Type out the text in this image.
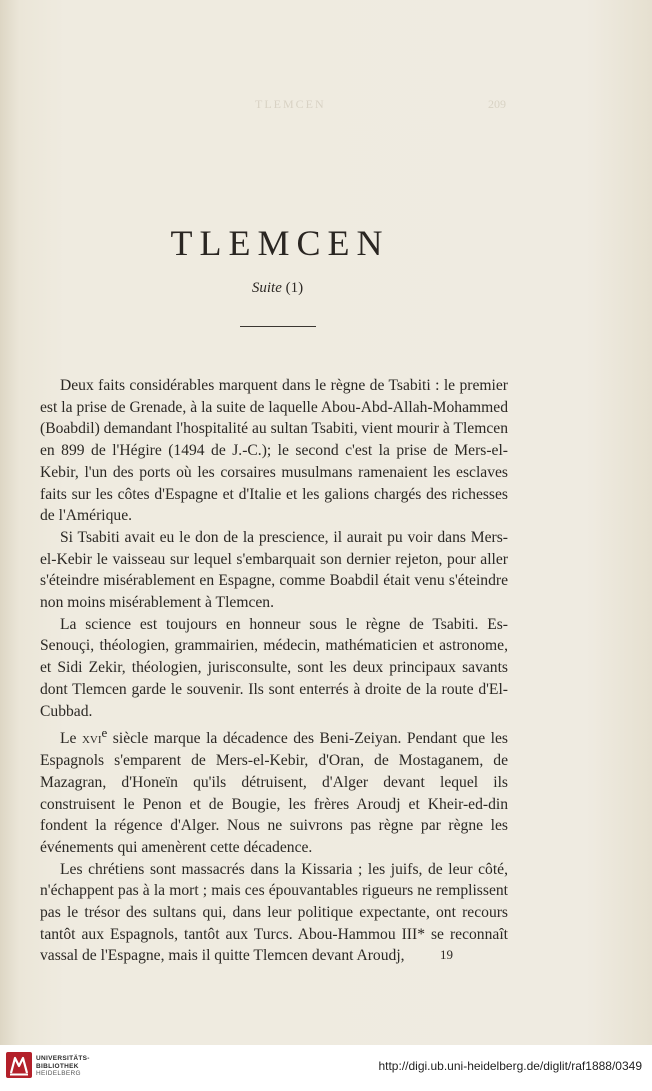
TLEMCEN	209
TLEMCEN
Suite (1)

Deux faits considérables marquent dans le règne de Tsabiti : le premier est la prise de Grenade, à la suite de laquelle Abou-Abd-Allah-Mohammed (Boabdil) demandant l'hospitalité au sultan Tsabiti, vient mourir à Tlemcen en 899 de l'Hégire (1494 de J.-C.); le second c'est la prise de Mers-el-Kebir, l'un des ports où les corsaires musulmans ramenaient les esclaves faits sur les côtes d'Espagne et d'Italie et les galions chargés des richesses de l'Amérique.

Si Tsabiti avait eu le don de la prescience, il aurait pu voir dans Mers-el-Kebir le vaisseau sur lequel s'embarquait son dernier rejeton, pour aller s'éteindre misérablement en Espagne, comme Boabdil était venu s'éteindre non moins misérablement à Tlemcen.

La science est toujours en honneur sous le règne de Tsabiti. Es-Senouçi, théologien, grammairien, médecin, mathématicien et astronome, et Sidi Zekir, théologien, jurisconsulte, sont les deux principaux savants dont Tlemcen garde le souvenir. Ils sont enterrés à droite de la route d'El-Cubbad.

Le xvi$^e$ siècle marque la décadence des Beni-Zeiyan. Pendant que les Espagnols s'emparent de Mers-el-Kebir, d'Oran, de Mostaganem, de Mazagran, d'Honeïn qu'ils détruisent, d'Alger devant lequel ils construisent le Penon et de Bougie, les frères Aroudj et Kheir-ed-din fondent la régence d'Alger. Nous ne suivrons pas règne par règne les événements qui amenèrent cette décadence.

Les chrétiens sont massacrés dans la Kissaria ; les juifs, de leur côté, n'échappent pas à la mort ; mais ces épouvantables rigueurs ne remplissent pas le trésor des sultans qui, dans leur politique expectante, ont recours tantôt aux Espagnols, tantôt aux Turcs. Abou-Hammou III* se reconnaît vassal de l'Espagne, mais il quitte Tlemcen devant Aroudj,	19
UNIVERSITÄTS-
BIBLIOTHEK
HEIDELBERG
http://digi.ub.uni-heidelberg.de/diglit/raf1888/0349
